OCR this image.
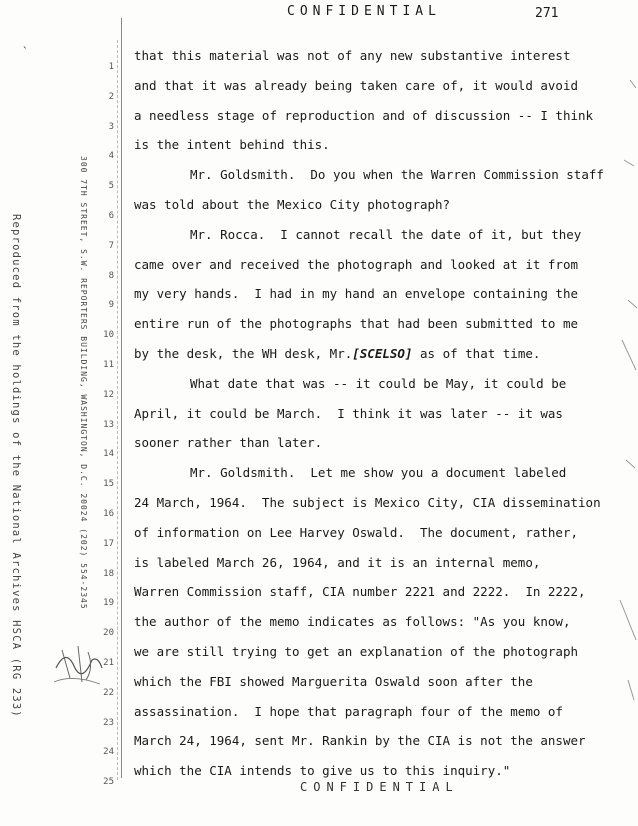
CONFIDENTIAL	271
`
Reproduced from the holdings of the National Archives HSCA (RG 233)	300 7TH STREET, S.W. REPORTERS BUILDING, WASHINGTON, D.C. 20024 (202) 554-2345
1
2
3
4
5
6
7
8
9
10
11
12
13
14
15
16
17
18
19
20
21
22
23
24
25
that this material was not of any new substantive interest
and that it was already being taken care of, it would avoid
a needless stage of reproduction and of discussion -- I think
is the intent behind this.
Mr. Goldsmith.  Do you when the Warren Commission staff
was told about the Mexico City photograph?
Mr. Rocca.  I cannot recall the date of it, but they
came over and received the photograph and looked at it from
my very hands.  I had in my hand an envelope containing the
entire run of the photographs that had been submitted to me
by the desk, the WH desk, Mr.[SCELSO] as of that time.
What date that was -- it could be May, it could be
April, it could be March.  I think it was later -- it was
sooner rather than later.
Mr. Goldsmith.  Let me show you a document labeled
24 March, 1964.  The subject is Mexico City, CIA dissemination
of information on Lee Harvey Oswald.  The document, rather,
is labeled March 26, 1964, and it is an internal memo,
Warren Commission staff, CIA number 2221 and 2222.  In 2222,
the author of the memo indicates as follows: "As you know,
we are still trying to get an explanation of the photograph
which the FBI showed Marguerita Oswald soon after the
assassination.  I hope that paragraph four of the memo of
March 24, 1964, sent Mr. Rankin by the CIA is not the answer
which the CIA intends to give us to this inquiry."
CONFIDENTIAL
